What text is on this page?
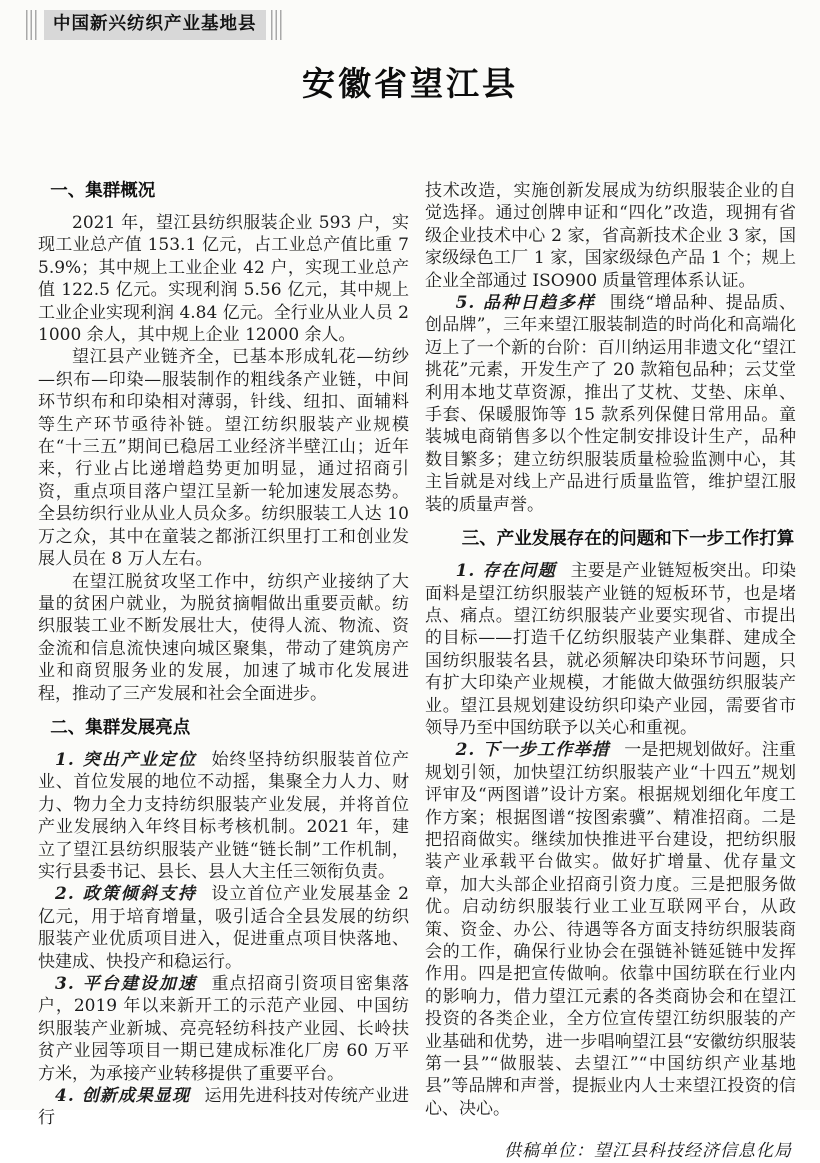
中国新兴纺织产业基地县
安徽省望江县
一、集群概况

2021 年，望江县纺织服装企业 593 户，实现工业总产值 153.1 亿元，占工业总产值比重 75.9%；其中规上工业企业 42 户，实现工业总产值 122.5 亿元。实现利润 5.56 亿元，其中规上工业企业实现利润 4.84 亿元。全行业从业人员 21000 余人，其中规上企业 12000 余人。

望江县产业链齐全，已基本形成轧花—纺纱—织布—印染—服装制作的粗线条产业链，中间环节织布和印染相对薄弱，针线、纽扣、面辅料等生产环节亟待补链。望江纺织服装产业规模在“十三五”期间已稳居工业经济半壁江山；近年来，行业占比递增趋势更加明显，通过招商引资，重点项目落户望江呈新一轮加速发展态势。全县纺织行业从业人员众多。纺织服装工人达 10 万之众，其中在童装之都浙江织里打工和创业发展人员在 8 万人左右。

在望江脱贫攻坚工作中，纺织产业接纳了大量的贫困户就业，为脱贫摘帽做出重要贡献。纺织服装工业不断发展壮大，使得人流、物流、资金流和信息流快速向城区聚集，带动了建筑房产业和商贸服务业的发展，加速了城市化发展进程，推动了三产发展和社会全面进步。

二、集群发展亮点

1. 突出产业定位 始终坚持纺织服装首位产业、首位发展的地位不动摇，集聚全力人力、财力、物力全力支持纺织服装产业发展，并将首位产业发展纳入年终目标考核机制。2021 年，建立了望江县纺织服装产业链“链长制”工作机制，实行县委书记、县长、县人大主任三领衔负责。

2. 政策倾斜支持 设立首位产业发展基金 2 亿元，用于培育增量，吸引适合全县发展的纺织服装产业优质项目进入，促进重点项目快落地、快建成、快投产和稳运行。

3. 平台建设加速 重点招商引资项目密集落户，2019 年以来新开工的示范产业园、中国纺织服装产业新城、亮亮轻纺科技产业园、长岭扶贫产业园等项目一期已建成标准化厂房 60 万平方米，为承接产业转移提供了重要平台。

4. 创新成果显现 运用先进科技对传统产业进行

技术改造，实施创新发展成为纺织服装企业的自觉选择。通过创牌申证和“四化”改造，现拥有省级企业技术中心 2 家，省高新技术企业 3 家，国家级绿色工厂 1 家，国家级绿色产品 1 个；规上企业全部通过 ISO900 质量管理体系认证。

5. 品种日趋多样 围绕“增品种、提品质、创品牌”，三年来望江服装制造的时尚化和高端化迈上了一个新的台阶：百川纳运用非遗文化“望江挑花”元素，开发生产了 20 款箱包品种；云艾堂利用本地艾草资源，推出了艾枕、艾垫、床单、手套、保暖服饰等 15 款系列保健日常用品。童装城电商销售多以个性定制安排设计生产，品种数目繁多；建立纺织服装质量检验监测中心，其主旨就是对线上产品进行质量监管，维护望江服装的质量声誉。

三、产业发展存在的问题和下一步工作打算

1. 存在问题 主要是产业链短板突出。印染面料是望江纺织服装产业链的短板环节，也是堵点、痛点。望江纺织服装产业要实现省、市提出的目标——打造千亿纺织服装产业集群、建成全国纺织服装名县，就必须解决印染环节问题，只有扩大印染产业规模，才能做大做强纺织服装产业。望江县规划建设纺织印染产业园，需要省市领导乃至中国纺联予以关心和重视。

2. 下一步工作举措 一是把规划做好。注重规划引领，加快望江纺织服装产业“十四五”规划评审及“两图谱”设计方案。根据规划细化年度工作方案；根据图谱“按图索骥”、精准招商。二是把招商做实。继续加快推进平台建设，把纺织服装产业承载平台做实。做好扩增量、优存量文章，加大头部企业招商引资力度。三是把服务做优。启动纺织服装行业工业互联网平台，从政策、资金、办公、待遇等各方面支持纺织服装商会的工作，确保行业协会在强链补链延链中发挥作用。四是把宣传做响。依靠中国纺联在行业内的影响力，借力望江元素的各类商协会和在望江投资的各类企业，全方位宣传望江纺织服装的产业基础和优势，进一步唱响望江县“安徽纺织服装第一县”“做服装、去望江”“中国纺织产业基地县”等品牌和声誉，提振业内人士来望江投资的信心、决心。

供稿单位：望江县科技经济信息化局
